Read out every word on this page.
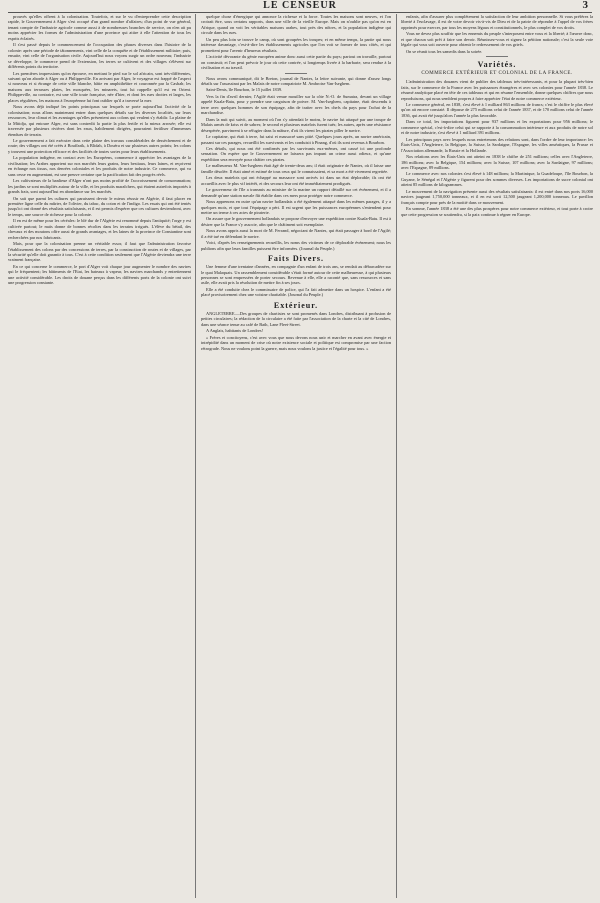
LE CENSEUR	3

prouvés qu'elles offrent à la colonisation. Toutefois, et sur le vu d'entreprendre cette description rapide, le Gouvernement à Alger s'est occupé d'un grand nombre d'affaires; d'un point de vue général, tenant compte de l'industrie agricole comme aussi à de nombreuses branches de service, on n'en ait pu moins apprécier les formes de l'administration d'une province qui attire à elle l'attention de tous les esprits éclairés.

Il s'est passé depuis le commencement de l'occupation des phases diverses dans l'histoire de la colonie: après une période de tâtonnements, vint celle de la conquête et de l'établissement militaire; puis, ensuite, vint celle de l'organisation civile. Aujourd'hui nous voyons surgir un ordre nouveau; l'industrie se développe, le commerce prend de l'extension, les terres se cultivent et des villages s'élèvent sur différents points du territoire.

Les premières impressions qu'on éprouve, en mettant le pied sur le sol africain, sont très-différentes, suivant qu'on aborde à Alger ou à Philippeville. En arrivant par Alger, le voyageur est frappé de l'aspect si nouveau et si étrange de cette ville blanche, bâtie en amphithéâtre et couronnée par la Casbah; les maisons aux terrasses plates, les mosquées, les minarets, tout lui rappelle qu'il est en Orient. Philippeville, au contraire, est une ville toute française, née d'hier, et dont les rues droites et larges, les places régulières, les maisons à l'européenne lui font oublier qu'il a traversé la mer.

Nous avons déjà indiqué les points principaux sur lesquels se porte aujourd'hui l'activité de la colonisation; nous allons maintenant entrer dans quelques détails sur les diverses localités, sur leurs ressources, leur climat et les avantages qu'elles présentent aux colons qui veulent s'y établir. La plaine de la Mitidja, qui entoure Alger, est sans contredit la partie la plus fertile et la mieux arrosée; elle est traversée par plusieurs rivières dont les eaux, habilement dirigées, pourraient fertiliser d'immenses étendues de terrain.

Le gouvernement a fait exécuter dans cette plaine des travaux considérables de dessèchement et de route; des villages ont été créés à Bouffarik, à Blidah, à Douéra et sur plusieurs autres points; les colons y trouvent une protection efficace et des facilités de toutes sortes pour leurs établissements.

La population indigène, en contact avec les Européens, commence à apprécier les avantages de la civilisation; les Arabes apportent sur nos marchés leurs grains, leurs bestiaux, leurs laines, et reçoivent en échange nos tissus, nos denrées coloniales et les produits de notre industrie. Ce commerce, qui va sans cesse en augmentant, est une preuve certaine que la pacification fait des progrès réels.

Les cultivateurs de la banlieue d'Alger n'ont pas moins profité de l'accroissement de consommation; les jardins se sont multipliés autour de la ville, et les produits maraîchers, qui étaient autrefois importés à grands frais, sont aujourd'hui en abondance sur les marchés.

On sait que parmi les cultures qui paraissent devoir le mieux réussir en Algérie, il faut placer en première ligne celle du mûrier, de l'olivier, du tabac, du coton et de l'indigo. Les essais qui ont été tentés jusqu'ici ont donné des résultats satisfaisants, et il est permis d'espérer que ces cultures deviendront, avec le temps, une source de richesse pour la colonie.

Il en est de même pour les céréales: le blé dur de l'Algérie est renommé depuis l'antiquité; l'orge y est cultivée partout; le maïs donne de bonnes récoltes dans les terrains irrigués. L'élève du bétail, des chevaux et des moutons offre aussi de grands avantages, et les laines de la province de Constantine sont recherchées par nos fabricants.

Mais, pour que la colonisation prenne un véritable essor, il faut que l'administration favorise l'établissement des colons par des concessions de terres, par la construction de routes et de villages, par la sécurité qu'elle doit garantir à tous. C'est à cette condition seulement que l'Algérie deviendra une terre vraiment française.

En ce qui concerne le commerce, le port d'Alger voit chaque jour augmenter le nombre des navires qui le fréquentent; les bâtiments de l'Etat, les bateaux à vapeur, les navires marchands y entretiennent une activité considérable. Les droits de douane perçus dans les différents ports de la colonie ont suivi une progression constante.

quelque chose d'énergique qui annonce la richesse et la force. Toutes les maisons sont neuves, et l'on croirait être, sous certains rapports, dans une ville de la vieille Europe. Mais on n'oublie pas qu'on est en Afrique, quand on voit les véritables maisons arabes, tout près des nôtres, et la population indigène qui circule dans les rues.

Un peu plus loin se trouve le camp, où sont groupées les troupes; et en même temps, la partie qui nous intéresse davantage, c'est-à-dire les établissements agricoles que l'on voit se former de tous côtés, et qui promettent pour l'avenir d'heureux résultats.

L'activité dévorante du génie européen anime donc aussi cette partie du pays; partout on travaille, partout on construit; et l'on peut prévoir le jour où cette contrée, si longtemps livrée à la barbarie, sera rendue à la civilisation et au travail.

Nous avons communiqué, dit le Breton, journal de Nantes, la lettre suivante, qui donne d'assez longs détails sur l'assassinat par les Malais de notre compatriote M. Ambroise Van-Iseghem.

Saint-Denis, île Bourbon, le 15 juillet 1839.

Vers la fin d'avril dernier, l'Agilé était venue mouiller sur la côte N.-O. de Sumatra, devant un village appelé Kuala-Batu, pour y prendre une cargaison de poivre. M. Van-Iseghem, capitaine, était descendu à terre avec quelques hommes de son équipage, afin de traiter avec les chefs du pays pour l'achat de la marchandise.

Dans la nuit qui suivit, au moment où l'on s'y attendait le moins, le navire fut attaqué par une troupe de Malais armés de kriss et de sabres; le second et plusieurs matelots furent tués; les autres, après une résistance désespérée, parvinrent à se réfugier dans la mâture, d'où ils virent les pirates piller le navire.

Le capitaine, qui était à terre, fut saisi et massacré sans pitié. Quelques jours après, un navire américain, passant sur ces parages, recueillit les survivants et les conduisit à Pinang, d'où ils sont revenus à Bourbon.

Ces détails, qui nous ont été confirmés par les survivants eux-mêmes, ont causé ici une profonde sensation. On espère que le Gouvernement ne laissera pas impuni un crime aussi odieux, et qu'une expédition sera envoyée pour châtier ces pirates.

Le malheureux M. Van-Iseghem était âgé de trente-deux ans; il était originaire de Nantes, où il laisse une famille désolée. Il était aimé et estimé de tous ceux qui le connaissaient, et sa mort a été vivement regrettée.

Les deux matelots qui ont échappé au massacre sont arrivés ici dans un état déplorable; ils ont été accueillis avec le plus vif intérêt, et des secours leur ont été immédiatement prodigués.

Le gouverneur de l'île a transmis au ministre de la marine un rapport détaillé sur cet événement, et il a demandé qu'une station navale fût établie dans ces mers pour protéger notre commerce.

Nous apprenons en outre qu'un navire hollandais a été également attaqué dans les mêmes parages, il y a quelques mois, et que tout l'équipage a péri. Il est urgent que les puissances européennes s'entendent pour mettre un terme à ces actes de piraterie.

On assure que le gouvernement hollandais se propose d'envoyer une expédition contre Kuala-Batu. Il est à désirer que la France s'y associe, afin que le châtiment soit exemplaire.

Nous avons appris aussi la mort de M. Ferrand, négociant de Nantes, qui était passager à bord de l'Agilé; il a été tué en défendant le navire.

Voici, d'après les renseignements recueillis, les noms des victimes de ce déplorable événement; nous les publions afin que leurs familles puissent être informées. (Journal du Peuple.)

Faits Divers.

Une femme d'une trentaine d'années, en compagnie d'un enfant de trois ans, se rendait au débarcadère sur le quai Malaquais. Un rassemblement considérable s'était formé autour de cette malheureuse, à qui plusieurs personnes se sont empressées de porter secours. Revenue à elle, elle a raconté que, sans ressources et sans asile, elle avait pris la résolution de mettre fin à ses jours.

Elle a été conduite chez le commissaire de police, qui l'a fait admettre dans un hospice. L'enfant a été placé provisoirement chez une voisine charitable. (Journal du Peuple.)

Extérieur.

ANGLETERRE.—Des groupes de chartistes se sont promenés dans Londres, distribuant à profusion de petites circulaires; la rédaction de la circulaire a été faite par l'association de la charte et la cité de Londres, dans une séance tenue au café de Bath, Lane Fleet-Street.

A Anglais, habitants de Londres!

« Frères et concitoyens, c'est avec vous que nous devons nous unir et marcher en avant avec énergie et intrépidité dans un moment de crise où notre existence sociale et politique est compromise par une faction rétrograde. Nous ne voulons point la guerre, mais nous voulons la justice et l'égalité pour tous. »

enfants, afin d'assurer plus complètement la satisfaction de leur ambition personnelle. Si vous préférez la liberté à l'esclavage, il est de votre devoir vis-à-vis de Dieu et de la patrie de répondre à l'appel de vos frères opprimés pour exercer, par tous les moyens légaux et constitutionnels, le plus complet de vos droits.

Vous ne devez plus souffrir que les ennemis du peuple s'interposent entre vous et la liberté; à l'œuvre donc, et que chacun soit prêt à faire son devoir. Réunissez-vous et signez la pétition nationale; c'est la seule voie légale qui vous soit ouverte pour obtenir le redressement de vos griefs.

On se réunit tous les samedis dans la soirée.

Variétés.
COMMERCE EXTÉRIEUR ET COLONIAL DE LA FRANCE.

L'administration des douanes vient de publier des tableaux très-intéressants, et pour la plupart très-bien faits, sur le commerce de la France avec les puissances étrangères et avec ses colonies pour l'année 1838. Le résumé analytique placé en tête de ces tableaux et qui en résume l'ensemble, donne quelques chiffres que nous reproduisons, qui nous semblent propres à faire apprécier l'état de notre commerce extérieur.

Le commerce général, en 1838, s'est élevé à 1 milliard 863 millions de francs; c'est le chiffre le plus élevé qu'on ait encore constaté. Il dépasse de 275 millions celui de l'année 1837, et de 170 millions celui de l'année 1836, qui avait été jusqu'alors l'année la plus favorable.

Dans ce total, les importations figurent pour 937 millions et les exportations pour 956 millions; le commerce spécial, c'est-à-dire celui qui se rapporte à la consommation intérieure et aux produits de notre sol et de notre industrie, s'est élevé à 1 milliard 391 millions.

Les principaux pays avec lesquels nous entretenons des relations sont, dans l'ordre de leur importance: les États-Unis, l'Angleterre, la Belgique, la Suisse, la Sardaigne, l'Espagne, les villes anséatiques, la Prusse et l'Association allemande, la Russie et la Hollande.

Nos relations avec les États-Unis ont atteint en 1838 le chiffre de 251 millions; celles avec l'Angleterre, 186 millions; avec la Belgique, 154 millions; avec la Suisse, 107 millions; avec la Sardaigne, 97 millions; avec l'Espagne, 89 millions.

Le commerce avec nos colonies s'est élevé à 148 millions; la Martinique, la Guadeloupe, l'île Bourbon, la Guyane, le Sénégal et l'Algérie y figurent pour des sommes diverses. Les importations de sucre colonial ont atteint 85 millions de kilogrammes.

Le mouvement de la navigation présente aussi des résultats satisfaisants: il est entré dans nos ports 16,000 navires jaugeant 1,750,000 tonneaux, et il en est sorti 12,500 jaugeant 1,200,000 tonneaux. Le pavillon français compte pour près de la moitié dans ce mouvement.

En somme, l'année 1838 a été une des plus prospères pour notre commerce extérieur, et tout porte à croire que cette progression se soutiendra, si la paix continue à régner en Europe.
